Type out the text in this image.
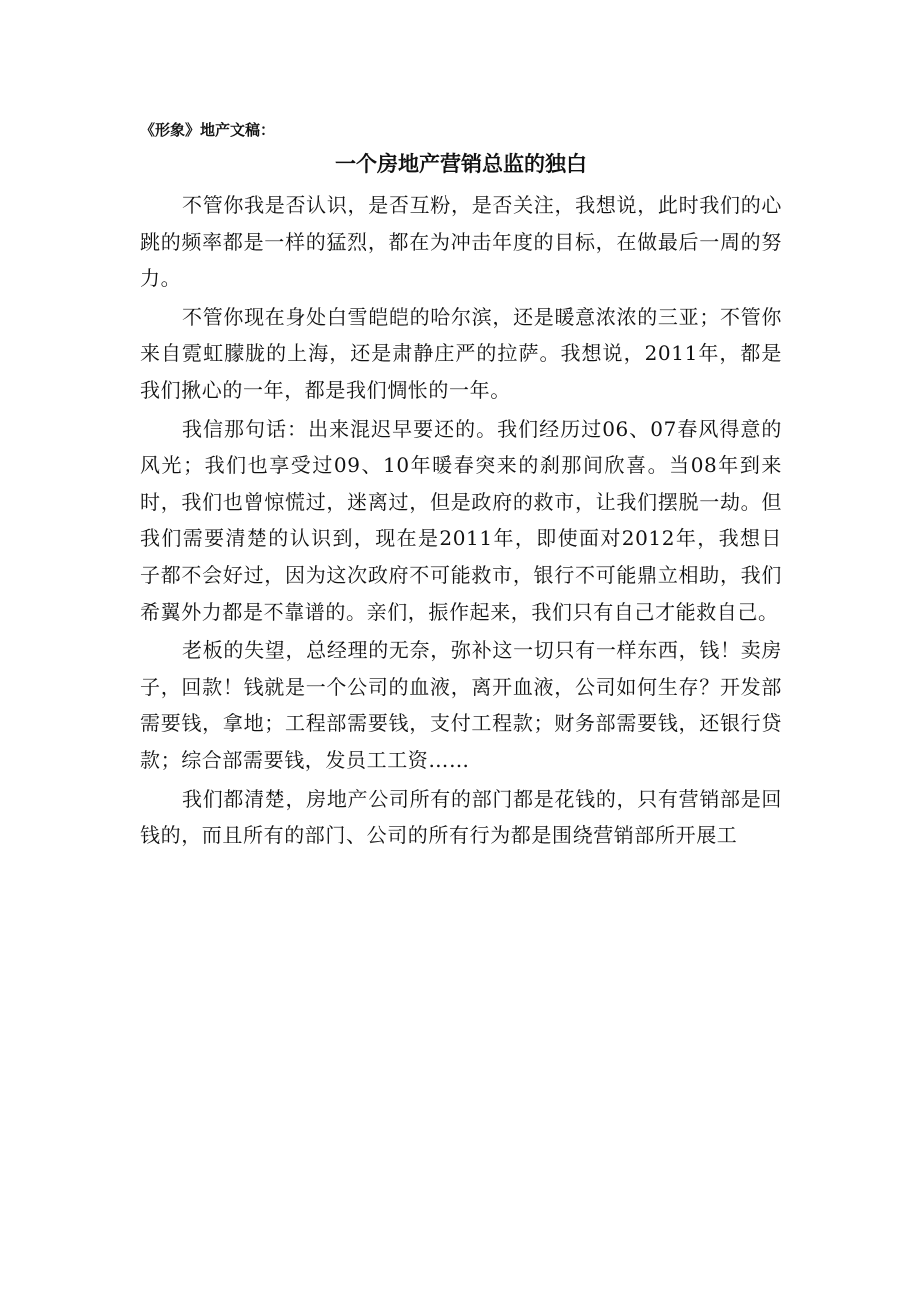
《形象》地产文稿：
一个房地产营销总监的独白

不管你我是否认识，是否互粉，是否关注，我想说，此时我们的心跳的频率都是一样的猛烈，都在为冲击年度的目标，在做最后一周的努力。

不管你现在身处白雪皑皑的哈尔滨，还是暖意浓浓的三亚；不管你来自霓虹朦胧的上海，还是肃静庄严的拉萨。我想说，2011年，都是我们揪心的一年，都是我们惆怅的一年。

我信那句话：出来混迟早要还的。我们经历过06、07春风得意的风光；我们也享受过09、10年暖春突来的刹那间欣喜。当08年到来时，我们也曾惊慌过，迷离过，但是政府的救市，让我们摆脱一劫。但我们需要清楚的认识到，现在是2011年，即使面对2012年，我想日子都不会好过，因为这次政府不可能救市，银行不可能鼎立相助，我们希翼外力都是不靠谱的。亲们，振作起来，我们只有自己才能救自己。

老板的失望，总经理的无奈，弥补这一切只有一样东西，钱！卖房子，回款！钱就是一个公司的血液，离开血液，公司如何生存？开发部需要钱，拿地；工程部需要钱，支付工程款；财务部需要钱，还银行贷款；综合部需要钱，发员工工资……

我们都清楚，房地产公司所有的部门都是花钱的，只有营销部是回钱的，而且所有的部门、公司的所有行为都是围绕营销部所开展工
